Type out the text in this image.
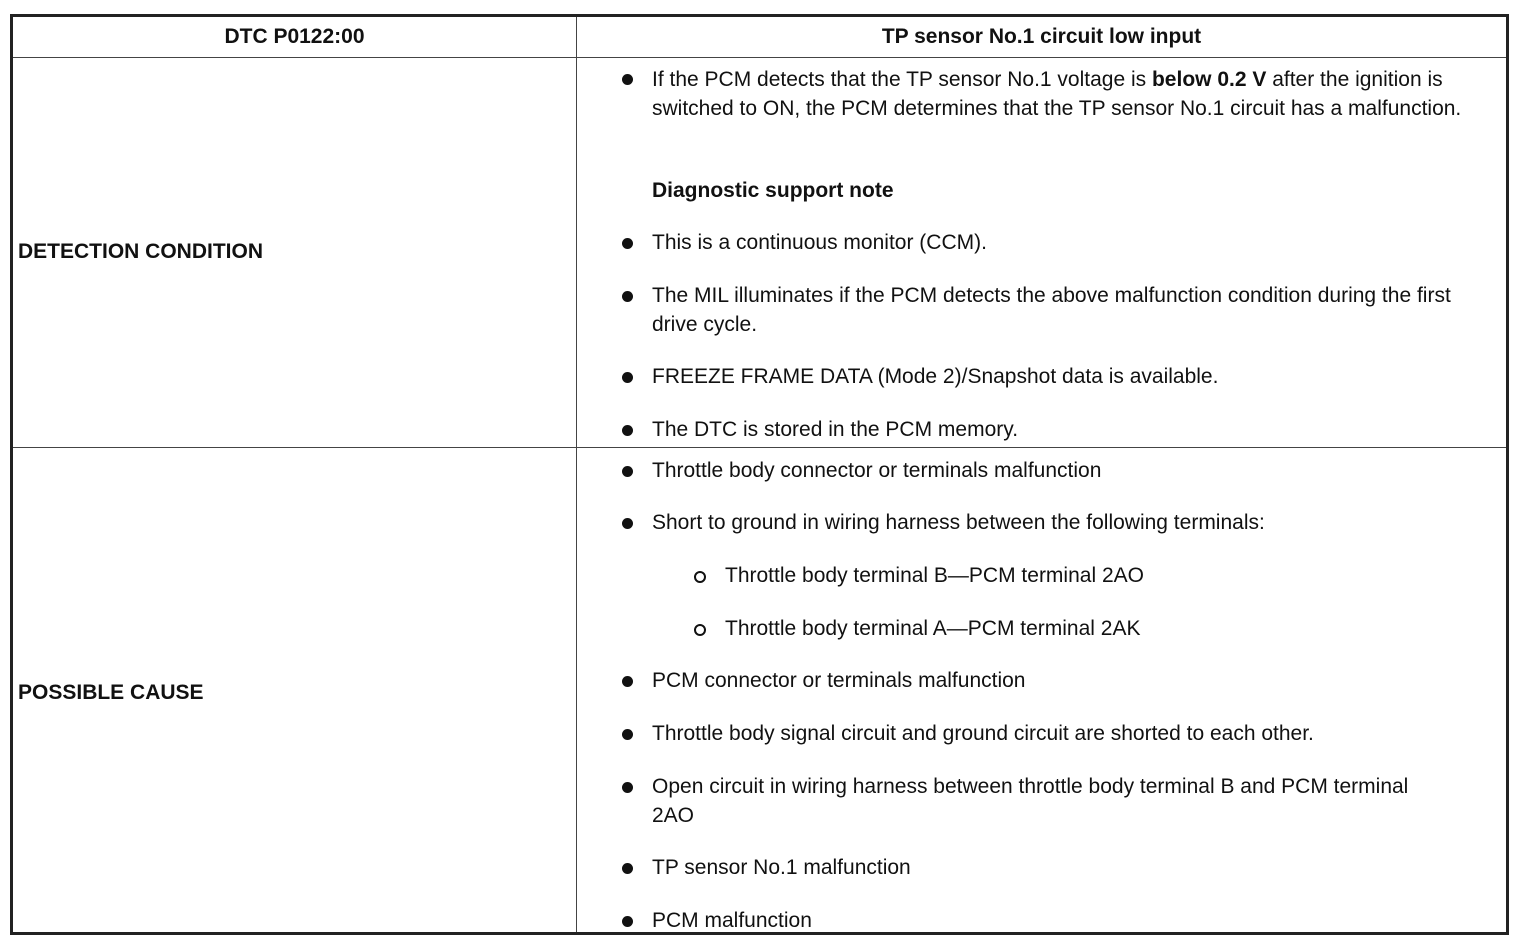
DTC P0122:00	TP sensor No.1 circuit low input
DETECTION CONDITION
POSSIBLE CAUSE
If the PCM detects that the TP sensor No.1 voltage is below 0.2 V after the ignition is switched to ON, the PCM determines that the TP sensor No.1 circuit has a malfunction.
Diagnostic support note
This is a continuous monitor (CCM).
The MIL illuminates if the PCM detects the above malfunction condition during the first drive cycle.
FREEZE FRAME DATA (Mode 2)/Snapshot data is available.
The DTC is stored in the PCM memory.
Throttle body connector or terminals malfunction
Short to ground in wiring harness between the following terminals:
Throttle body terminal B—PCM terminal 2AO
Throttle body terminal A—PCM terminal 2AK
PCM connector or terminals malfunction
Throttle body signal circuit and ground circuit are shorted to each other.
Open circuit in wiring harness between throttle body terminal B and PCM terminal 2AO
TP sensor No.1 malfunction
PCM malfunction
